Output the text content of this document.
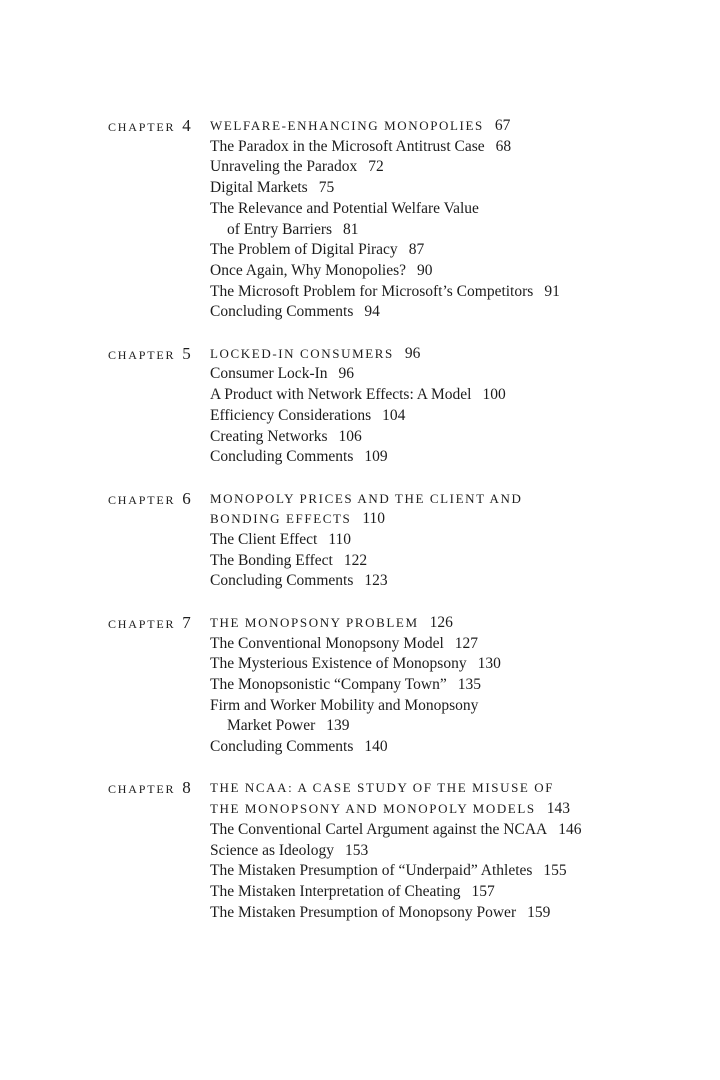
CHAPTER 4	WELFARE-ENHANCING MONOPOLIES 67
The Paradox in the Microsoft Antitrust Case 68
Unraveling the Paradox 72
Digital Markets 75
The Relevance and Potential Welfare Value
of Entry Barriers 81
The Problem of Digital Piracy 87
Once Again, Why Monopolies? 90
The Microsoft Problem for Microsoft’s Competitors 91
Concluding Comments 94
CHAPTER 5	LOCKED-IN CONSUMERS 96
Consumer Lock-In 96
A Product with Network Effects: A Model 100
Efficiency Considerations 104
Creating Networks 106
Concluding Comments 109
CHAPTER 6	MONOPOLY PRICES AND THE CLIENT AND
BONDING EFFECTS 110
The Client Effect 110
The Bonding Effect 122
Concluding Comments 123
CHAPTER 7	THE MONOPSONY PROBLEM 126
The Conventional Monopsony Model 127
The Mysterious Existence of Monopsony 130
The Monopsonistic “Company Town” 135
Firm and Worker Mobility and Monopsony
Market Power 139
Concluding Comments 140
CHAPTER 8	THE NCAA: A CASE STUDY OF THE MISUSE OF
THE MONOPSONY AND MONOPOLY MODELS 143
The Conventional Cartel Argument against the NCAA 146
Science as Ideology 153
The Mistaken Presumption of “Underpaid” Athletes 155
The Mistaken Interpretation of Cheating 157
The Mistaken Presumption of Monopsony Power 159
